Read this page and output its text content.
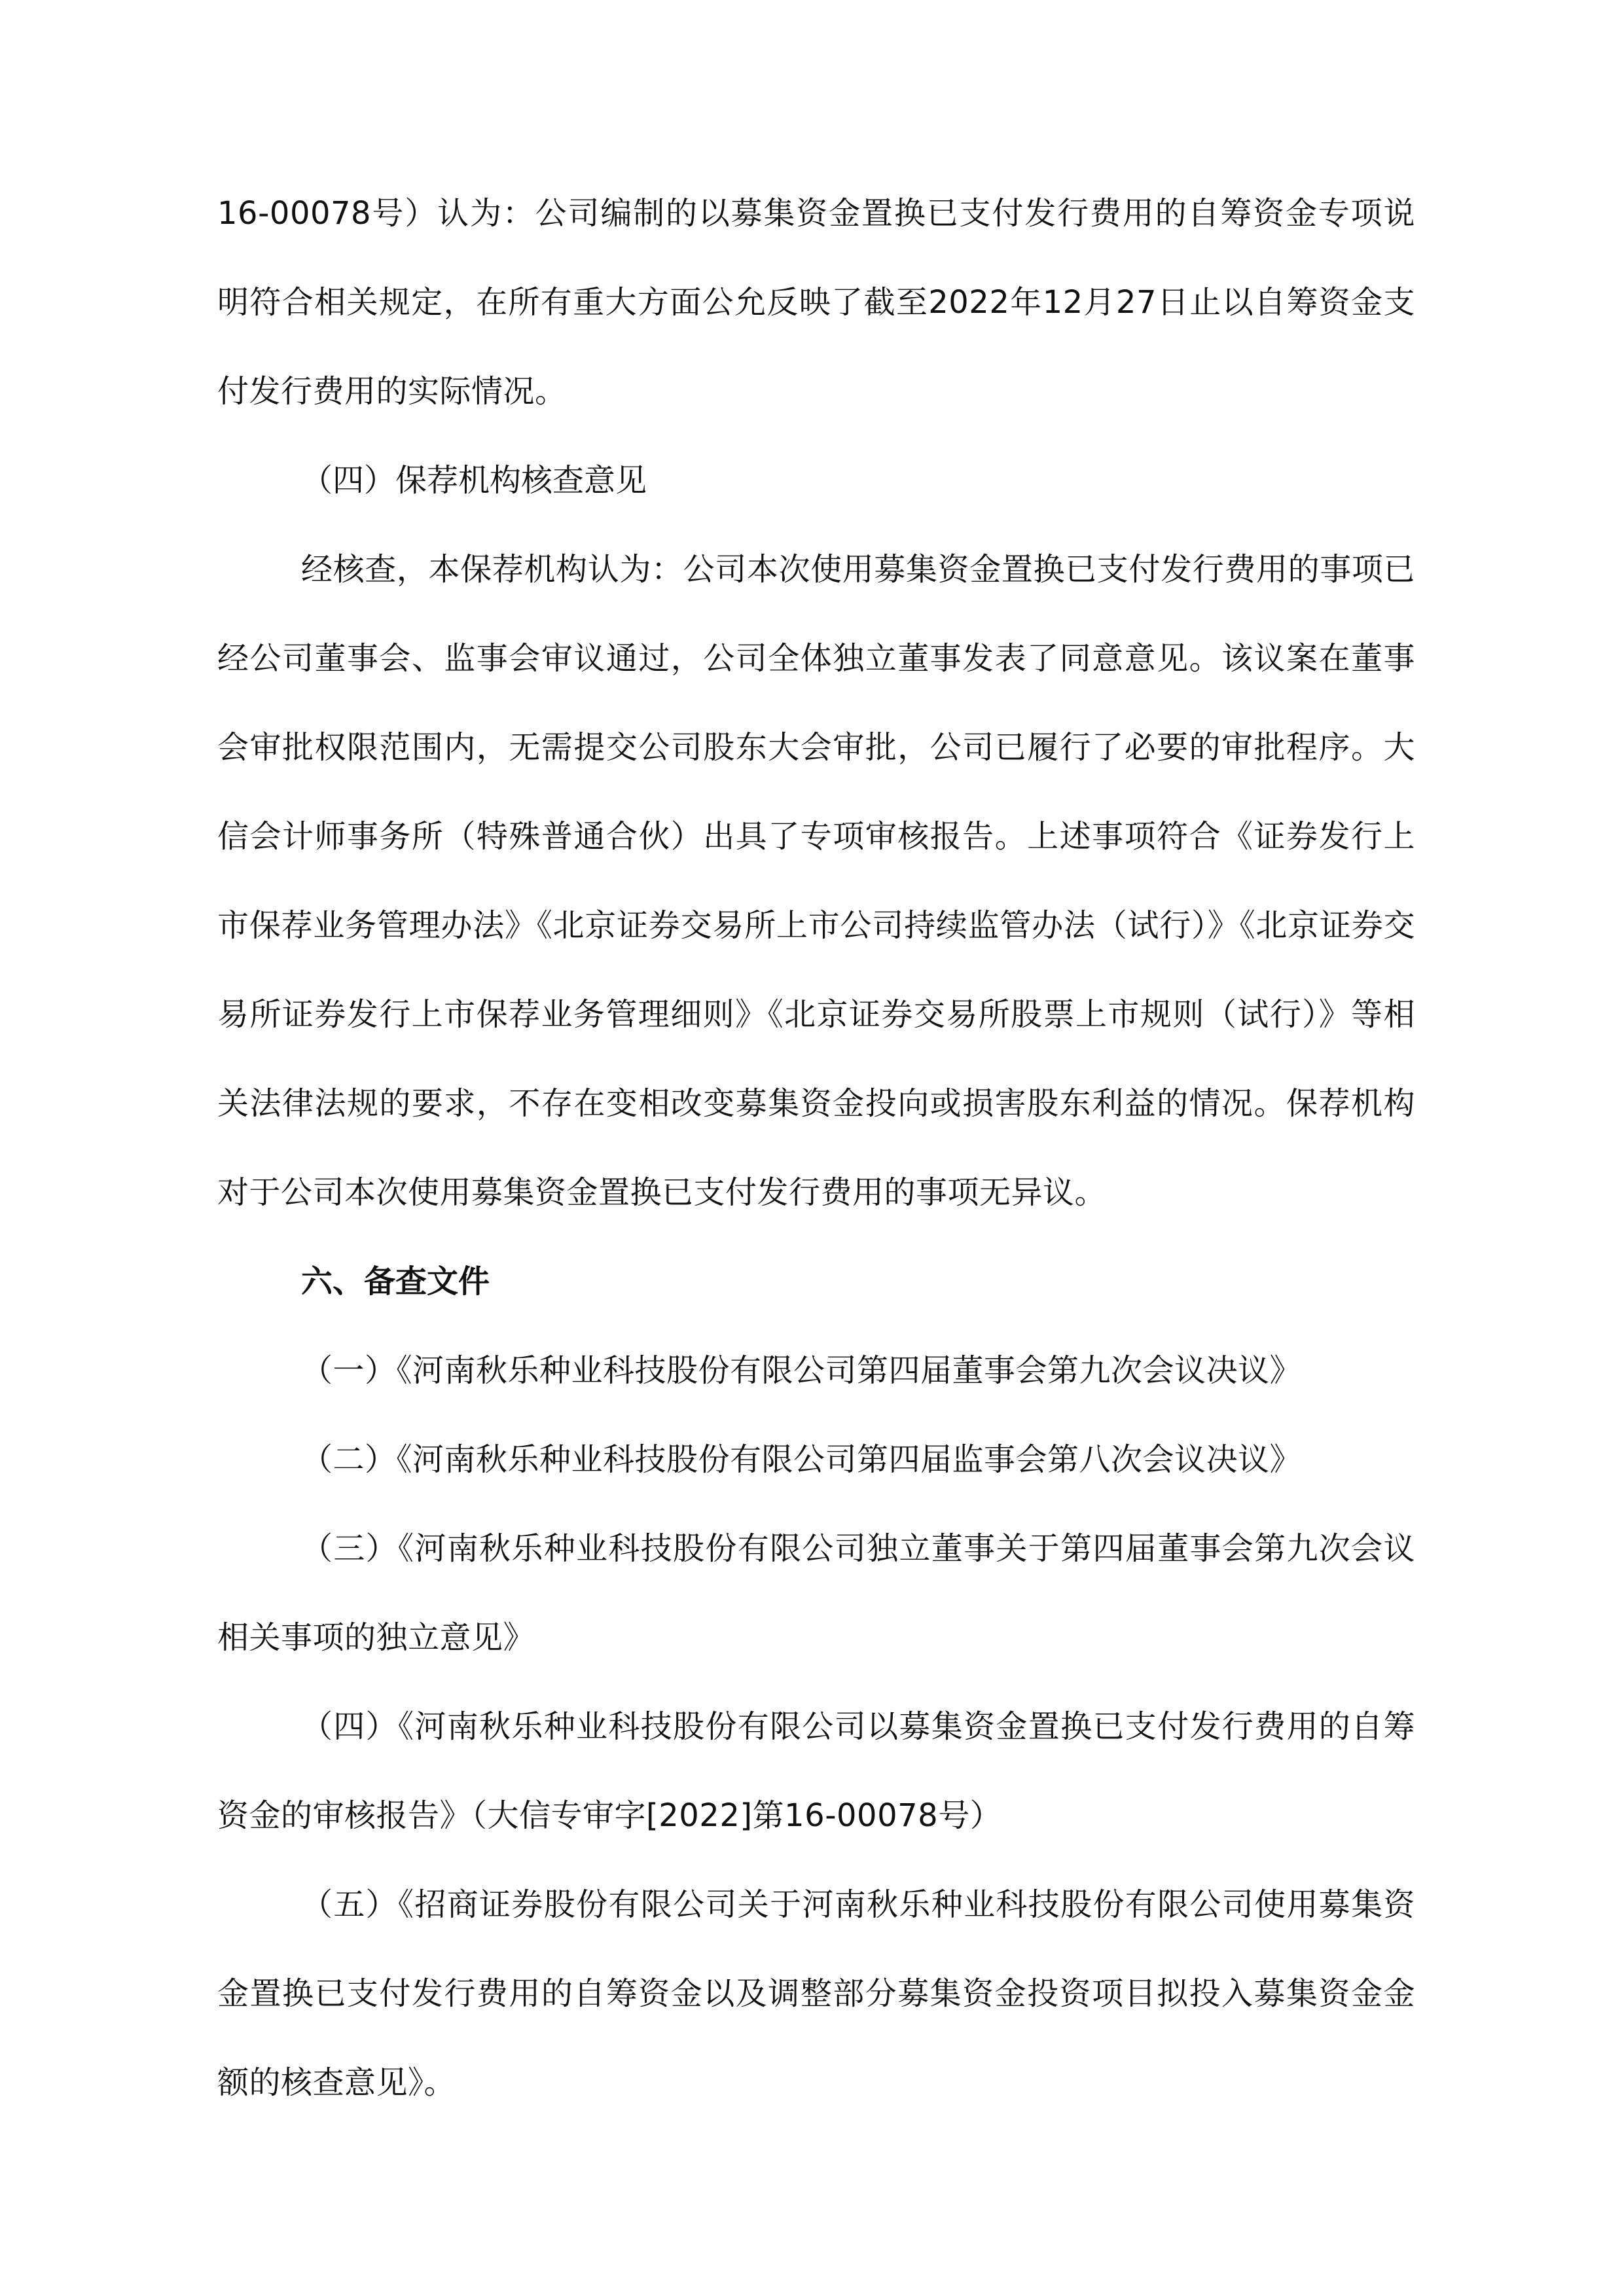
16-00078号）认为：公司编制的以募集资金置换已支付发行费用的自筹资金专项说明符合相关规定，在所有重大方面公允反映了截至2022年12月27日止以自筹资金支付发行费用的实际情况。

（四）保荐机构核查意见

经核查，本保荐机构认为：公司本次使用募集资金置换已支付发行费用的事项已经公司董事会、监事会审议通过，公司全体独立董事发表了同意意见。该议案在董事会审批权限范围内，无需提交公司股东大会审批，公司已履行了必要的审批程序。大信会计师事务所（特殊普通合伙）出具了专项审核报告。上述事项符合《证券发行上市保荐业务管理办法》《北京证券交易所上市公司持续监管办法（试行）》《北京证券交易所证券发行上市保荐业务管理细则》《北京证券交易所股票上市规则（试行）》等相关法律法规的要求，不存在变相改变募集资金投向或损害股东利益的情况。保荐机构对于公司本次使用募集资金置换已支付发行费用的事项无异议。

六、备查文件

（一）《河南秋乐种业科技股份有限公司第四届董事会第九次会议决议》

（二）《河南秋乐种业科技股份有限公司第四届监事会第八次会议决议》

（三）《河南秋乐种业科技股份有限公司独立董事关于第四届董事会第九次会议相关事项的独立意见》

（四）《河南秋乐种业科技股份有限公司以募集资金置换已支付发行费用的自筹资金的审核报告》（大信专审字[2022]第16-00078号）

（五）《招商证券股份有限公司关于河南秋乐种业科技股份有限公司使用募集资金置换已支付发行费用的自筹资金以及调整部分募集资金投资项目拟投入募集资金金额的核查意见》。
